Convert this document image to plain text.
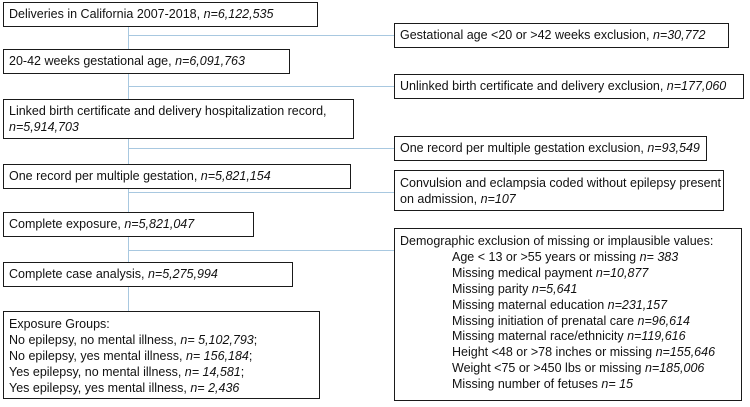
Deliveries in California 2007-2018, n=6,122,535
20-42 weeks gestational age, n=6,091,763
Linked birth certificate and delivery hospitalization record,
n=5,914,703
One record per multiple gestation, n=5,821,154
Complete exposure, n=5,821,047
Complete case analysis, n=5,275,994
Exposure Groups:
No epilepsy, no mental illness, n= 5,102,793;
No epilepsy, yes mental illness, n= 156,184;
Yes epilepsy, no mental illness, n= 14,581;
Yes epilepsy, yes mental illness, n= 2,436
Gestational age <20 or >42 weeks exclusion, n=30,772
Unlinked birth certificate and delivery exclusion, n=177,060
One record per multiple gestation exclusion, n=93,549
Convulsion and eclampsia coded without epilepsy present
on admission, n=107
Demographic exclusion of missing or implausible values:
Age < 13 or >55 years or missing n= 383
Missing medical payment n=10,877
Missing parity n=5,641
Missing maternal education n=231,157
Missing initiation of prenatal care n=96,614
Missing maternal race/ethnicity n=119,616
Height <48 or >78 inches or missing n=155,646
Weight <75 or >450 lbs or missing n=185,006
Missing number of fetuses n= 15
